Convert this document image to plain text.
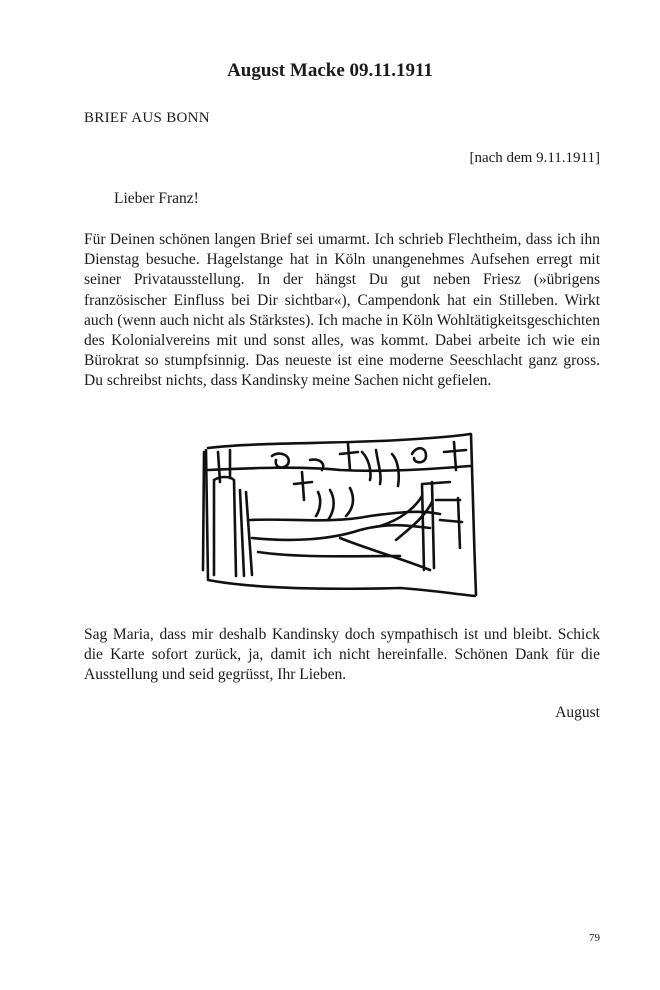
August Macke 09.11.1911
BRIEF AUS BONN
[nach dem 9.11.1911]
Lieber Franz!

Für Deinen schönen langen Brief sei umarmt. Ich schrieb Flechtheim, dass ich ihn Dienstag besuche. Hagelstange hat in Köln unangenehmes Aufsehen erregt mit seiner Privatausstellung. In der hängst Du gut neben Friesz (»übrigens französischer Einfluss bei Dir sichtbar«), Campendonk hat ein Stilleben. Wirkt auch (wenn auch nicht als Stärkstes). Ich mache in Köln Wohltätigkeitsgeschichten des Kolonialvereins mit und sonst alles, was kommt. Dabei arbeite ich wie ein Bürokrat so stumpfsinnig. Das neueste ist eine moderne Seeschlacht ganz gross. Du schreibst nichts, dass Kandinsky meine Sachen nicht gefielen.

Sag Maria, dass mir deshalb Kandinsky doch sympathisch ist und bleibt. Schick die Karte sofort zurück, ja, damit ich nicht hereinfalle. Schönen Dank für die Ausstellung und seid gegrüsst, Ihr Lieben.

August
79
